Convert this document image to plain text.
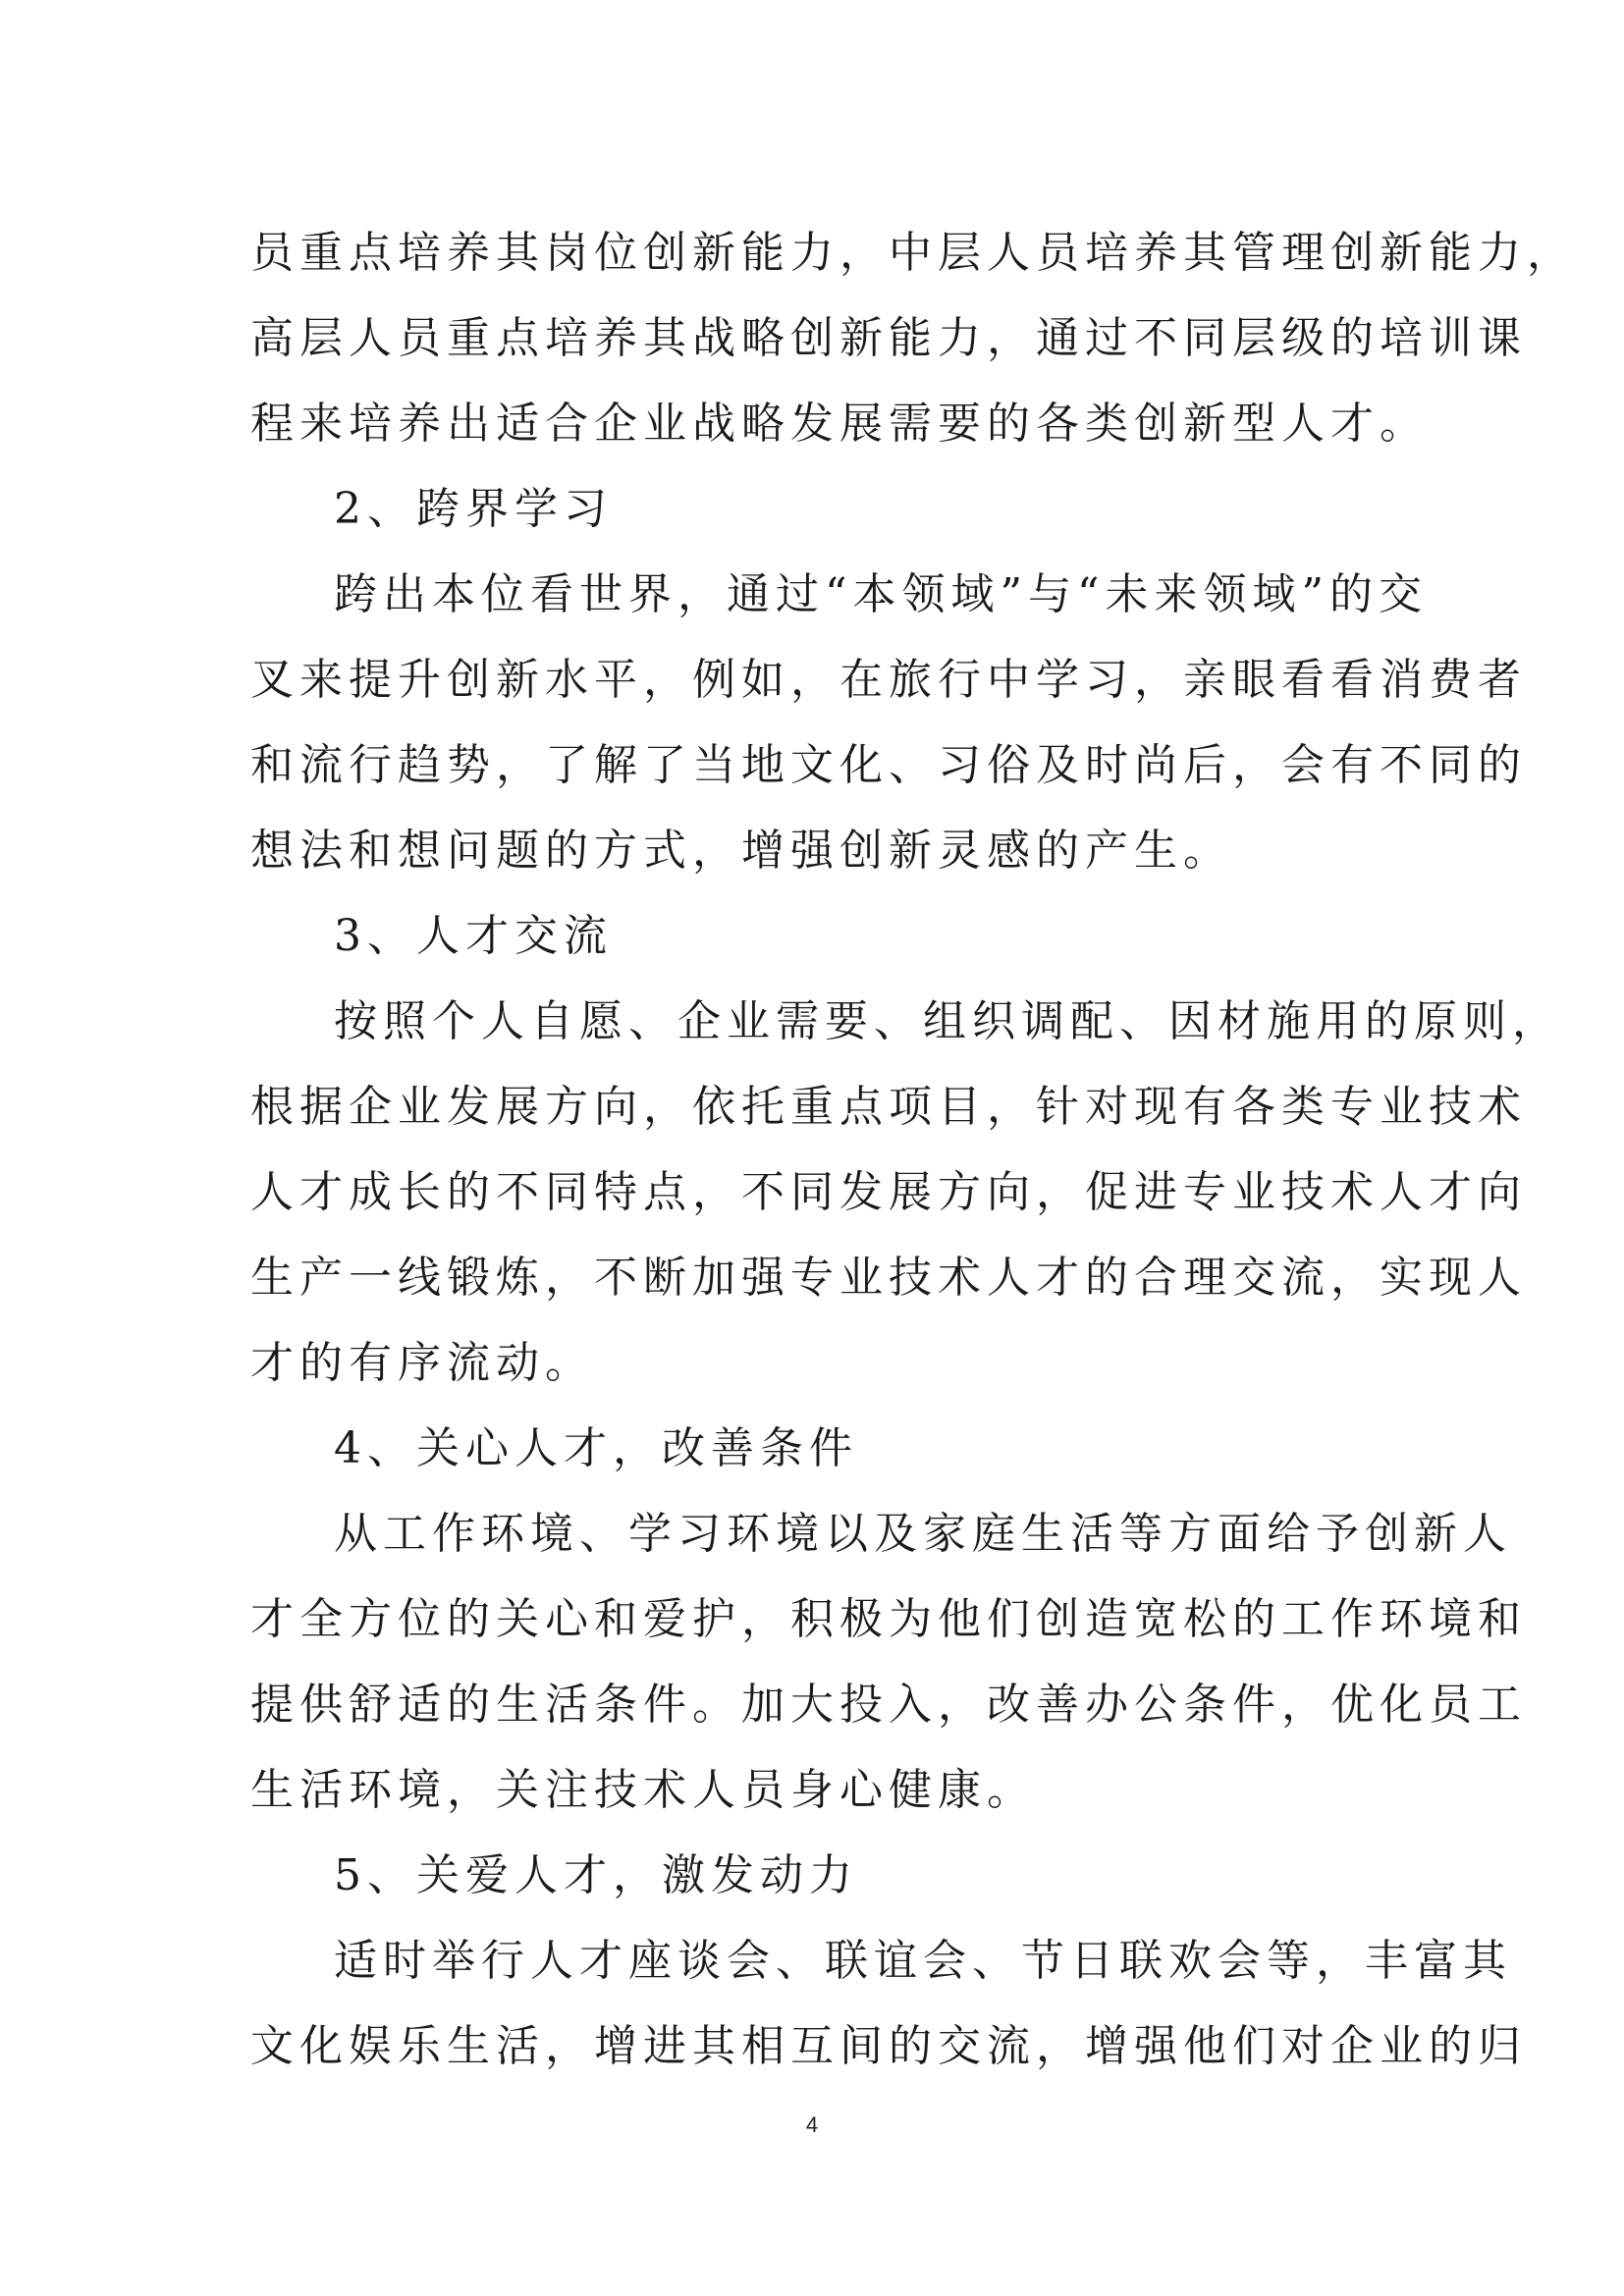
员重点培养其岗位创新能力，中层人员培养其管理创新能力，
高层人员重点培养其战略创新能力，通过不同层级的培训课
程来培养出适合企业战略发展需要的各类创新型人才。
2、跨界学习
跨出本位看世界，通过“本领域”与“未来领域”的交
叉来提升创新水平，例如，在旅行中学习，亲眼看看消费者
和流行趋势，了解了当地文化、习俗及时尚后，会有不同的
想法和想问题的方式，增强创新灵感的产生。
3、人才交流
按照个人自愿、企业需要、组织调配、因材施用的原则，
根据企业发展方向，依托重点项目，针对现有各类专业技术
人才成长的不同特点，不同发展方向，促进专业技术人才向
生产一线锻炼，不断加强专业技术人才的合理交流，实现人
才的有序流动。
4、关心人才，改善条件
从工作环境、学习环境以及家庭生活等方面给予创新人
才全方位的关心和爱护，积极为他们创造宽松的工作环境和
提供舒适的生活条件。加大投入，改善办公条件，优化员工
生活环境，关注技术人员身心健康。
5、关爱人才，激发动力
适时举行人才座谈会、联谊会、节日联欢会等，丰富其
文化娱乐生活，增进其相互间的交流，增强他们对企业的归
4
